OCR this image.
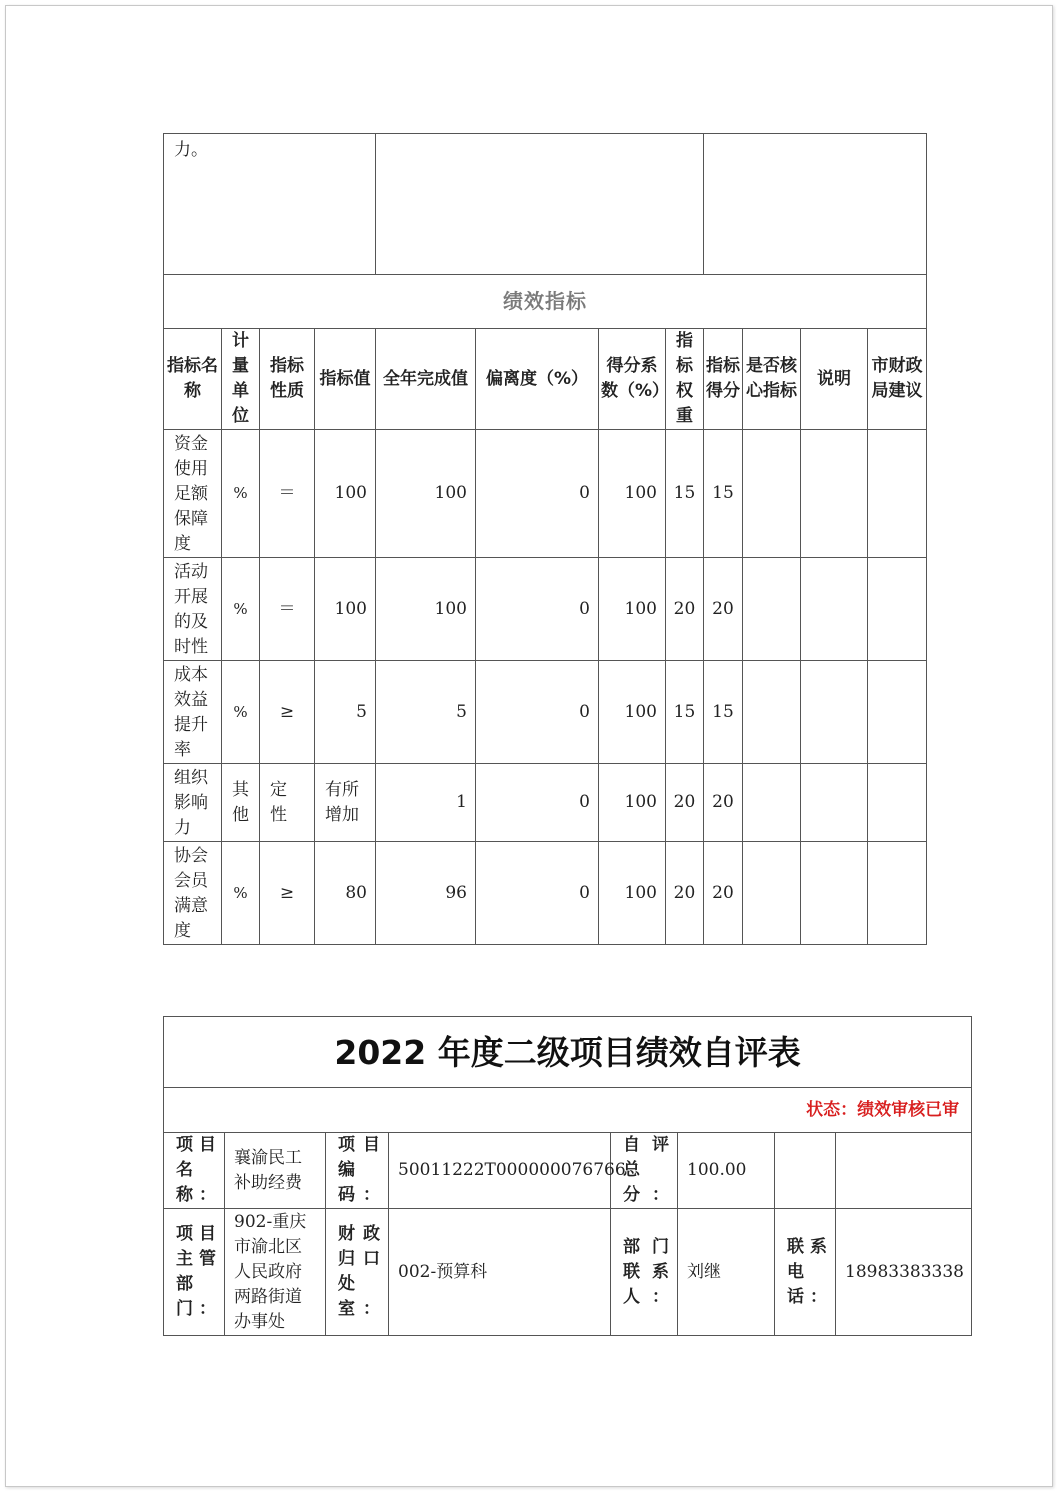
力。											
绩效指标											
指标名称	计量单位	指标性质	指标值	全年完成值	偏离度（%）	得分系数（%）	指标权重	指标得分	是否核心指标	说明	市财政局建议
资金使用足额保障度	%	＝	100	100	0	100	15	15			
活动开展的及时性	%	＝	100	100	0	100	20	20			
成本效益提升率	%	≥	5	5	0	100	15	15			
组织影响力	其他	定性	有所增加	1	0	100	20	20			
协会会员满意度	%	≥	80	96	0	100	20	20			
2022 年度二级项目绩效自评表							
状态：绩效审核已审							
项目名称：	襄渝民工补助经费	项目编码：	50011222T000000076766	自评总分：	100.00		
项目主管部门：	902-重庆市渝北区人民政府两路街道办事处	财政归口处室：	002-预算科	部门联系人：	刘继	联系电话：	18983383338
